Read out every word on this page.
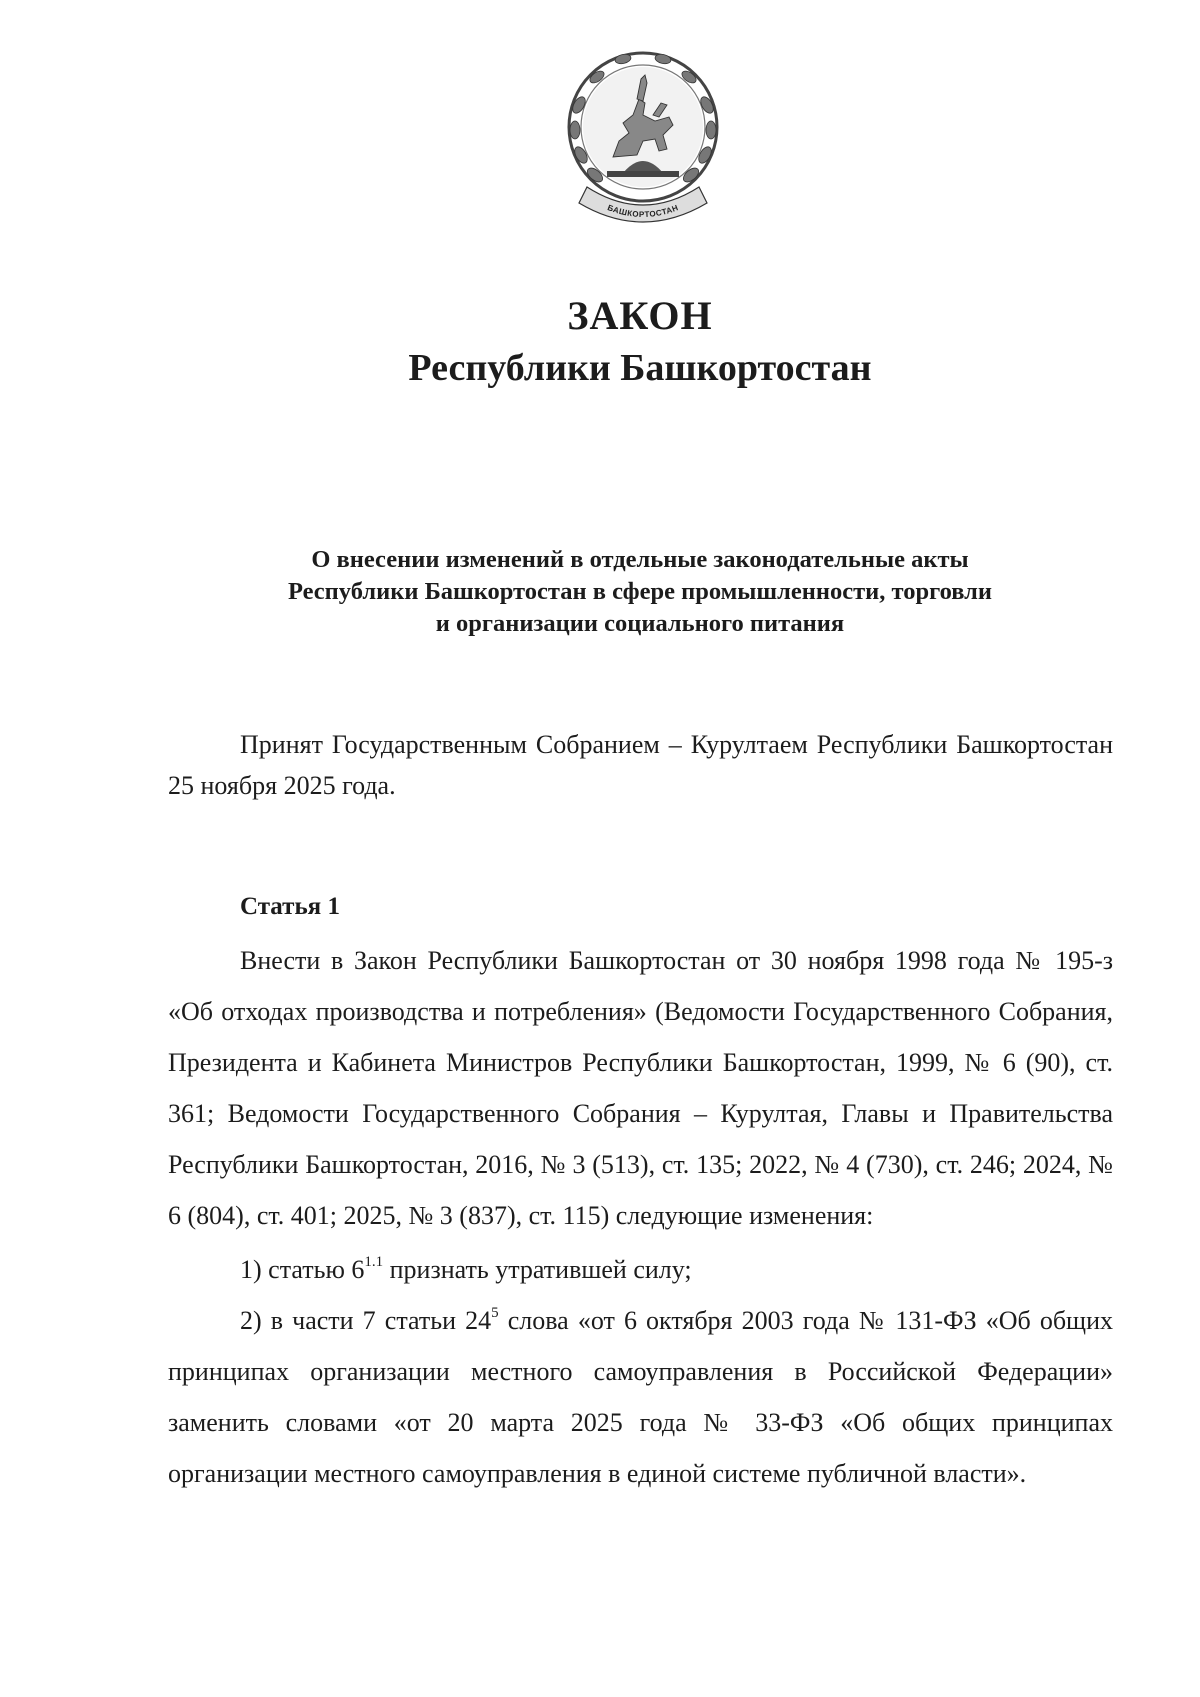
БАШКОРТОСТАН
ЗАКОН
Республики Башкортостан

О внесении изменений в отдельные законодательные акты
Республики Башкортостан в сфере промышленности, торговли
и организации социального питания

Принят Государственным Собранием – Курултаем Республики Башкортостан 25 ноября 2025 года.

Статья 1

Внести в Закон Республики Башкортостан от 30 ноября 1998 года № 195-з «Об отходах производства и потребления» (Ведомости Государственного Собрания, Президента и Кабинета Министров Республики Башкортостан, 1999, № 6 (90), ст. 361; Ведомости Государственного Собрания – Курултая, Главы и Правительства Республики Башкортостан, 2016, № 3 (513), ст. 135; 2022, № 4 (730), ст. 246; 2024, № 6 (804), ст. 401; 2025, № 3 (837), ст. 115) следующие изменения:

1) статью $6^{1.1}$ признать утратившей силу;

2) в части 7 статьи $24^5$ слова «от 6 октября 2003 года № 131-ФЗ «Об общих принципах организации местного самоуправления в Российской Федерации» заменить словами «от 20 марта 2025 года № 33-ФЗ «Об общих принципах организации местного самоуправления в единой системе публичной власти».
